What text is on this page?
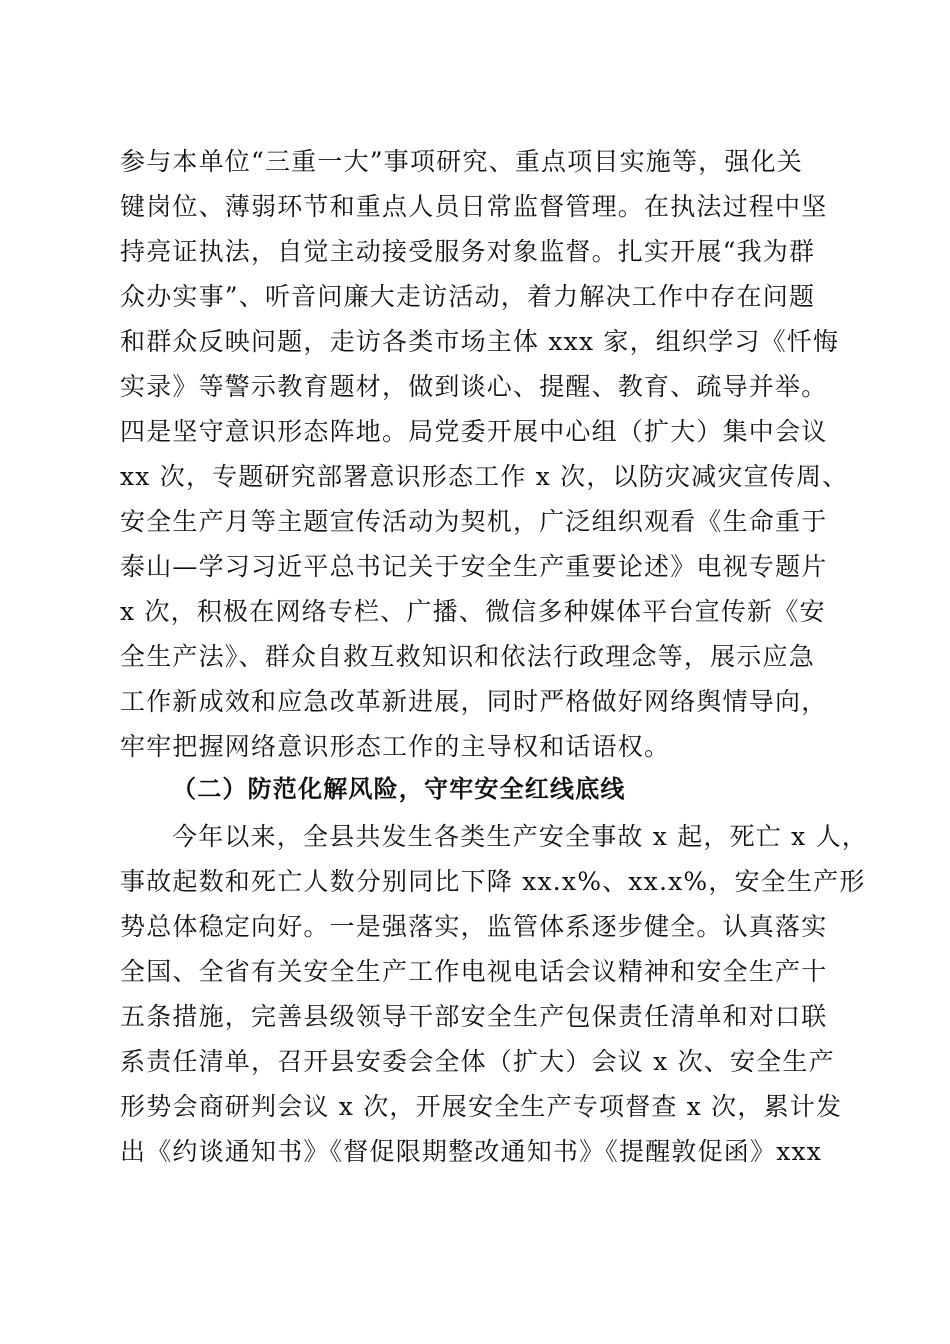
参与本单位“三重一大”事项研究、重点项目实施等，强化关
键岗位、薄弱环节和重点人员日常监督管理。在执法过程中坚
持亮证执法，自觉主动接受服务对象监督。扎实开展“我为群
众办实事”、听音问廉大走访活动，着力解决工作中存在问题
和群众反映问题，走访各类市场主体 xxx 家，组织学习《忏悔
实录》等警示教育题材，做到谈心、提醒、教育、疏导并举。
四是坚守意识形态阵地。局党委开展中心组（扩大）集中会议
xx 次，专题研究部署意识形态工作 x 次，以防灾减灾宣传周、
安全生产月等主题宣传活动为契机，广泛组织观看《生命重于
泰山—学习习近平总书记关于安全生产重要论述》电视专题片
x 次，积极在网络专栏、广播、微信多种媒体平台宣传新《安
全生产法》、群众自救互救知识和依法行政理念等，展示应急
工作新成效和应急改革新进展，同时严格做好网络舆情导向，
牢牢把握网络意识形态工作的主导权和话语权。
（二）防范化解风险，守牢安全红线底线
今年以来，全县共发生各类生产安全事故 x 起，死亡 x 人，
事故起数和死亡人数分别同比下降 xx.x%、xx.x%，安全生产形
势总体稳定向好。一是强落实，监管体系逐步健全。认真落实
全国、全省有关安全生产工作电视电话会议精神和安全生产十
五条措施，完善县级领导干部安全生产包保责任清单和对口联
系责任清单，召开县安委会全体（扩大）会议 x 次、安全生产
形势会商研判会议 x 次，开展安全生产专项督查 x 次，累计发
出《约谈通知书》《督促限期整改通知书》《提醒敦促函》xxx
